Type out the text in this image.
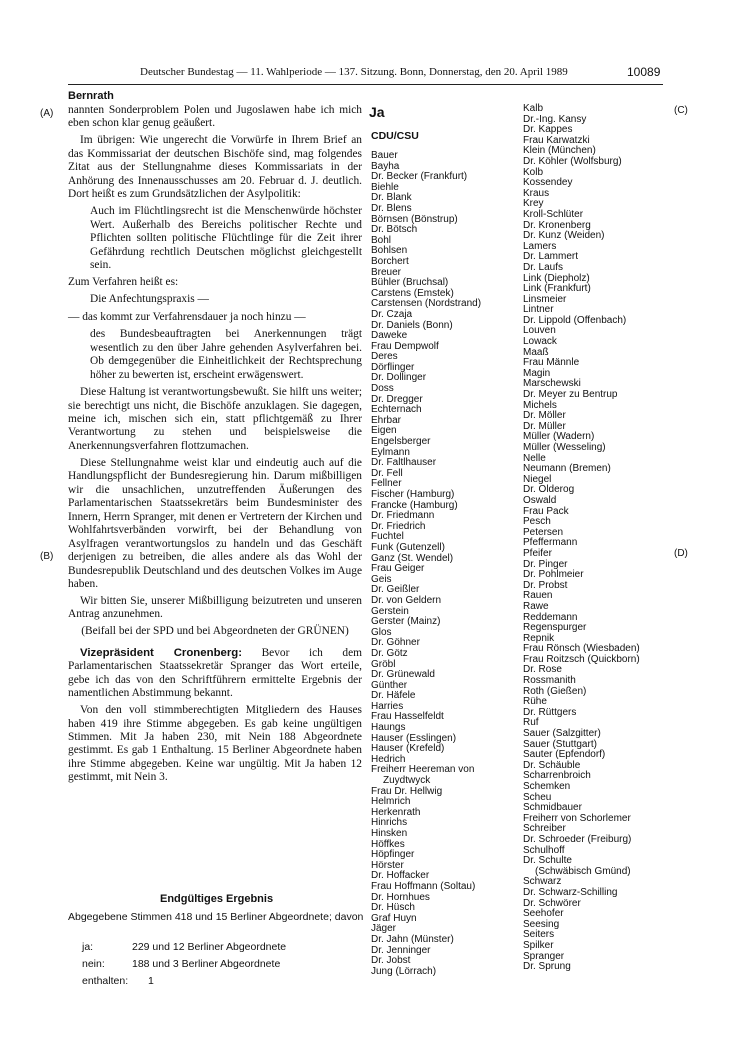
Deutscher Bundestag — 11. Wahlperiode — 137. Sitzung. Bonn, Donnerstag, den 20. April 1989	10089
(A)
(B)
(C)
(D)
Bernrath

nannten Sonderproblem Polen und Jugoslawen habe ich mich eben schon klar genug geäußert.

Im übrigen: Wie ungerecht die Vorwürfe in Ihrem Brief an das Kommissariat der deutschen Bischöfe sind, mag folgendes Zitat aus der Stellungnahme dieses Kommissariats in der Anhörung des Innenausschusses am 20. Februar d. J. deutlich. Dort heißt es zum Grundsätzlichen der Asylpolitik:

Auch im Flüchtlingsrecht ist die Menschenwürde höchster Wert. Außerhalb des Bereichs politischer Rechte und Pflichten sollten politische Flüchtlinge für die Zeit ihrer Gefährdung rechtlich Deutschen möglichst gleichgestellt sein.

Zum Verfahren heißt es:

Die Anfechtungspraxis —

— das kommt zur Verfahrensdauer ja noch hinzu —

des Bundesbeauftragten bei Anerkennungen trägt wesentlich zu den über Jahre gehenden Asylverfahren bei. Ob demgegenüber die Einheitlichkeit der Rechtsprechung höher zu bewerten ist, erscheint erwägenswert.

Diese Haltung ist verantwortungsbewußt. Sie hilft uns weiter; sie berechtigt uns nicht, die Bischöfe anzuklagen. Sie dagegen, meine ich, mischen sich ein, statt pflichtgemäß zu Ihrer Verantwortung zu stehen und beispielsweise die Anerkennungsverfahren flottzumachen.

Diese Stellungnahme weist klar und eindeutig auch auf die Handlungspflicht der Bundesregierung hin. Darum mißbilligen wir die unsachlichen, unzutreffenden Äußerungen des Parlamentarischen Staatssekretärs beim Bundesminister des Innern, Herrn Spranger, mit denen er Vertretern der Kirchen und Wohlfahrtsverbänden vorwirft, bei der Behandlung von Asylfragen verantwortungslos zu handeln und das Geschäft derjenigen zu betreiben, die alles andere als das Wohl der Bundesrepublik Deutschland und des deutschen Volkes im Auge haben.

Wir bitten Sie, unserer Mißbilligung beizutreten und unseren Antrag anzunehmen.

(Beifall bei der SPD und bei Abgeordneten der GRÜNEN)

Vizepräsident Cronenberg: Bevor ich dem Parlamentarischen Staatssekretär Spranger das Wort erteile, gebe ich das von den Schriftführern ermittelte Ergebnis der namentlichen Abstimmung bekannt.

Von den voll stimmberechtigten Mitgliedern des Hauses haben 419 ihre Stimme abgegeben. Es gab keine ungültigen Stimmen. Mit Ja haben 230, mit Nein 188 Abgeordnete gestimmt. Es gab 1 Enthaltung. 15 Berliner Abgeordnete haben ihre Stimme abgegeben. Keine war ungültig. Mit Ja haben 12 gestimmt, mit Nein 3.

Endgültiges Ergebnis
Abgegebene Stimmen 418 und 15 Berliner Abgeordnete; davon
ja:	229 und 12 Berliner Abgeordnete
nein:	188 und 3 Berliner Abgeordnete
enthalten: 1
Ja
CDU/CSU
Bauer
Bayha
Dr. Becker (Frankfurt)
Biehle
Dr. Blank
Dr. Blens
Börnsen (Bönstrup)
Dr. Bötsch
Bohl
Bohlsen
Borchert
Breuer
Bühler (Bruchsal)
Carstens (Emstek)
Carstensen (Nordstrand)
Dr. Czaja
Dr. Daniels (Bonn)
Daweke
Frau Dempwolf
Deres
Dörflinger
Dr. Dollinger
Doss
Dr. Dregger
Echternach
Ehrbar
Eigen
Engelsberger
Eylmann
Dr. Faltlhauser
Dr. Fell
Fellner
Fischer (Hamburg)
Francke (Hamburg)
Dr. Friedmann
Dr. Friedrich
Fuchtel
Funk (Gutenzell)
Ganz (St. Wendel)
Frau Geiger
Geis
Dr. Geißler
Dr. von Geldern
Gerstein
Gerster (Mainz)
Glos
Dr. Göhner
Dr. Götz
Gröbl
Dr. Grünewald
Günther
Dr. Häfele
Harries
Frau Hasselfeldt
Haungs
Hauser (Esslingen)
Hauser (Krefeld)
Hedrich
Freiherr Heereman von
Zuydtwyck
Frau Dr. Hellwig
Helmrich
Herkenrath
Hinrichs
Hinsken
Höffkes
Höpfinger
Hörster
Dr. Hoffacker
Frau Hoffmann (Soltau)
Dr. Hornhues
Dr. Hüsch
Graf Huyn
Jäger
Dr. Jahn (Münster)
Dr. Jenninger
Dr. Jobst
Jung (Lörrach)
Kalb
Dr.-Ing. Kansy
Dr. Kappes
Frau Karwatzki
Klein (München)
Dr. Köhler (Wolfsburg)
Kolb
Kossendey
Kraus
Krey
Kroll-Schlüter
Dr. Kronenberg
Dr. Kunz (Weiden)
Lamers
Dr. Lammert
Dr. Laufs
Link (Diepholz)
Link (Frankfurt)
Linsmeier
Lintner
Dr. Lippold (Offenbach)
Louven
Lowack
Maaß
Frau Männle
Magin
Marschewski
Dr. Meyer zu Bentrup
Michels
Dr. Möller
Dr. Müller
Müller (Wadern)
Müller (Wesseling)
Nelle
Neumann (Bremen)
Niegel
Dr. Olderog
Oswald
Frau Pack
Pesch
Petersen
Pfeffermann
Pfeifer
Dr. Pinger
Dr. Pohlmeier
Dr. Probst
Rauen
Rawe
Reddemann
Regenspurger
Repnik
Frau Rönsch (Wiesbaden)
Frau Roitzsch (Quickborn)
Dr. Rose
Rossmanith
Roth (Gießen)
Rühe
Dr. Rüttgers
Ruf
Sauer (Salzgitter)
Sauer (Stuttgart)
Sauter (Epfendorf)
Dr. Schäuble
Scharrenbroich
Schemken
Scheu
Schmidbauer
Freiherr von Schorlemer
Schreiber
Dr. Schroeder (Freiburg)
Schulhoff
Dr. Schulte
(Schwäbisch Gmünd)
Schwarz
Dr. Schwarz-Schilling
Dr. Schwörer
Seehofer
Seesing
Seiters
Spilker
Spranger
Dr. Sprung
